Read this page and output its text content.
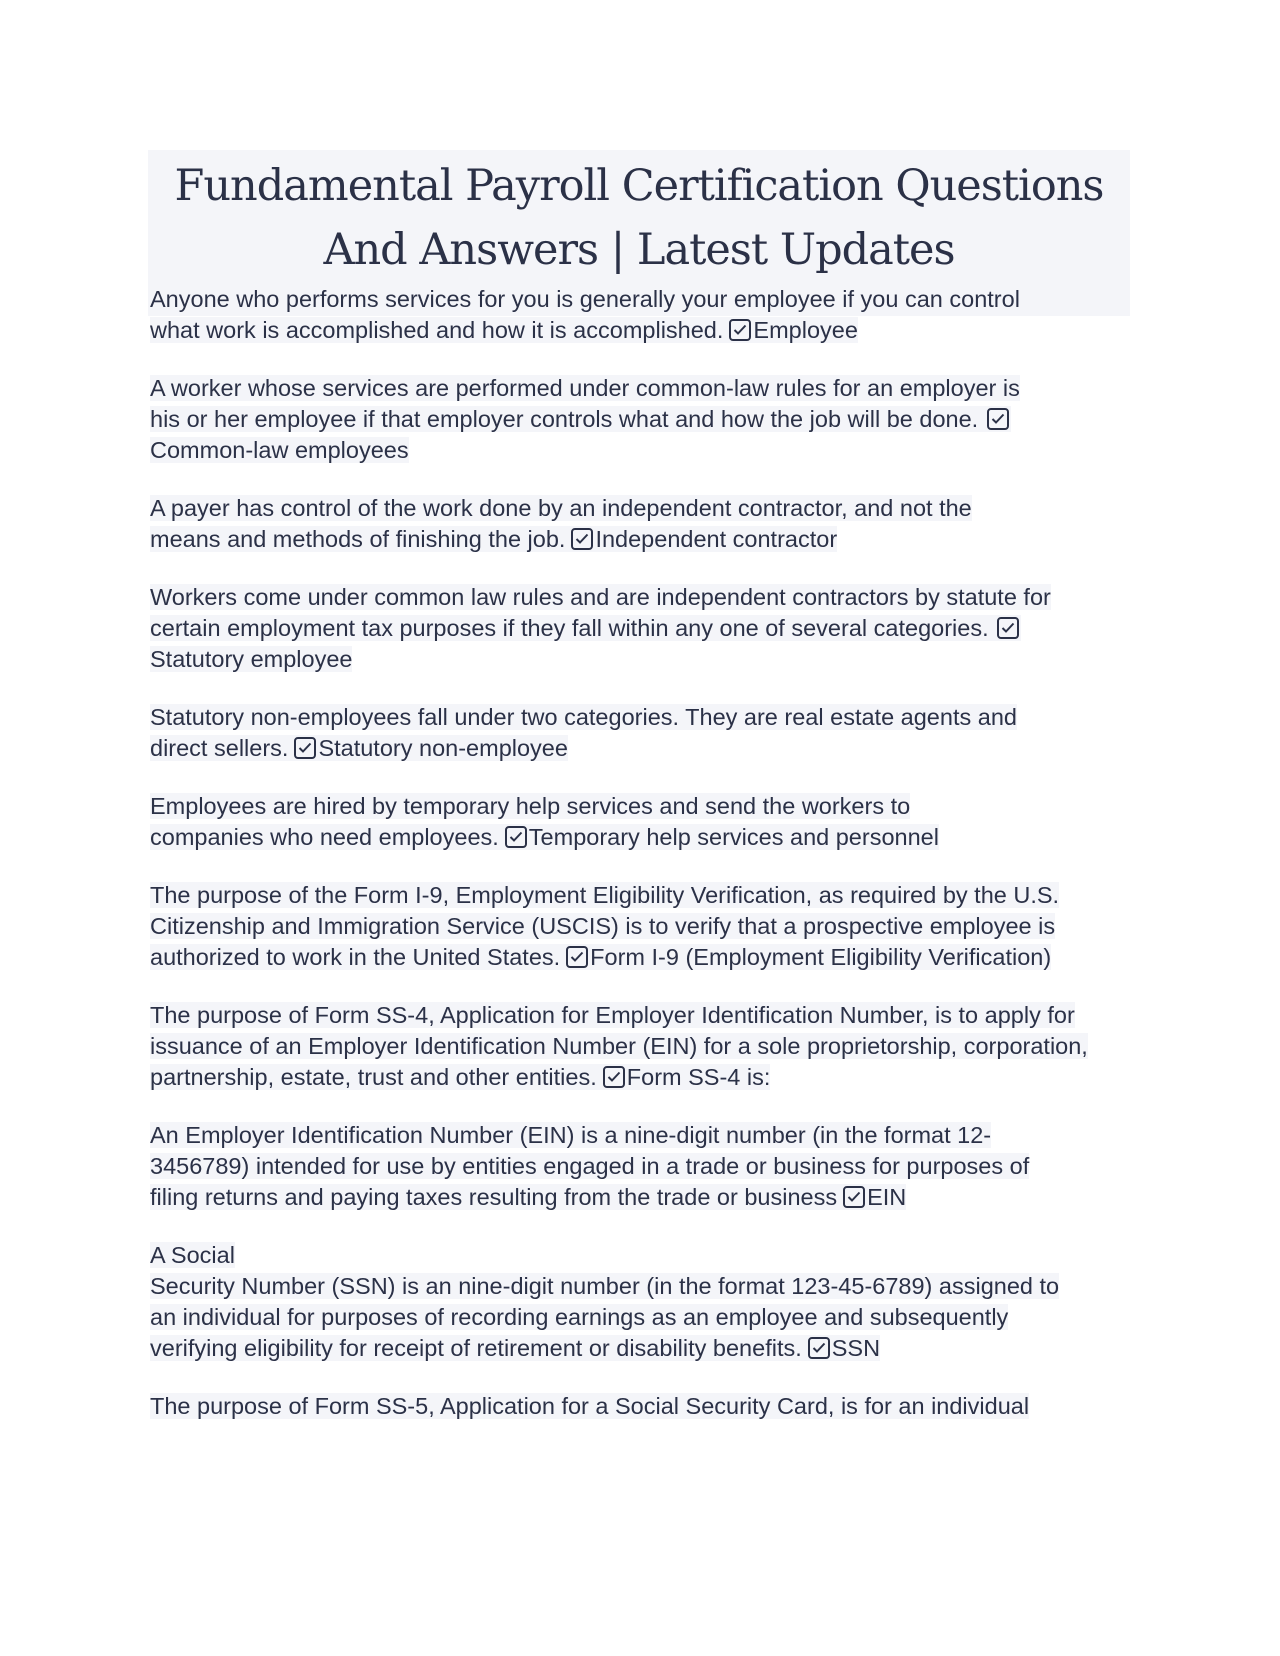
Fundamental Payroll Certification Questions
And Answers | Latest Updates

Anyone who performs services for you is generally your employee if you can control what work is accomplished and how it is accomplished. Employee

A worker whose services are performed under common-law rules for an employer is his or her employee if that employer controls what and how the job will be done.
Common-law employees

A payer has control of the work done by an independent contractor, and not the means and methods of finishing the job. Independent contractor

Workers come under common law rules and are independent contractors by statute for certain employment tax purposes if they fall within any one of several categories.
Statutory employee

Statutory non-employees fall under two categories. They are real estate agents and direct sellers. Statutory non-employee

Employees are hired by temporary help services and send the workers to companies who need employees. Temporary help services and personnel

The purpose of the Form I-9, Employment Eligibility Verification, as required by the U.S. Citizenship and Immigration Service (USCIS) is to verify that a prospective employee is authorized to work in the United States. Form I-9 (Employment Eligibility Verification)

The purpose of Form SS-4, Application for Employer Identification Number, is to apply for issuance of an Employer Identification Number (EIN) for a sole proprietorship, corporation, partnership, estate, trust and other entities. Form SS-4 is:

An Employer Identification Number (EIN) is a nine-digit number (in the format 12-3456789) intended for use by entities engaged in a trade or business for purposes of filing returns and paying taxes resulting from the trade or business EIN

A Social
Security Number (SSN) is an nine-digit number (in the format 123-45-6789) assigned to an individual for purposes of recording earnings as an employee and subsequently verifying eligibility for receipt of retirement or disability benefits. SSN

The purpose of Form SS-5, Application for a Social Security Card, is for an individual
